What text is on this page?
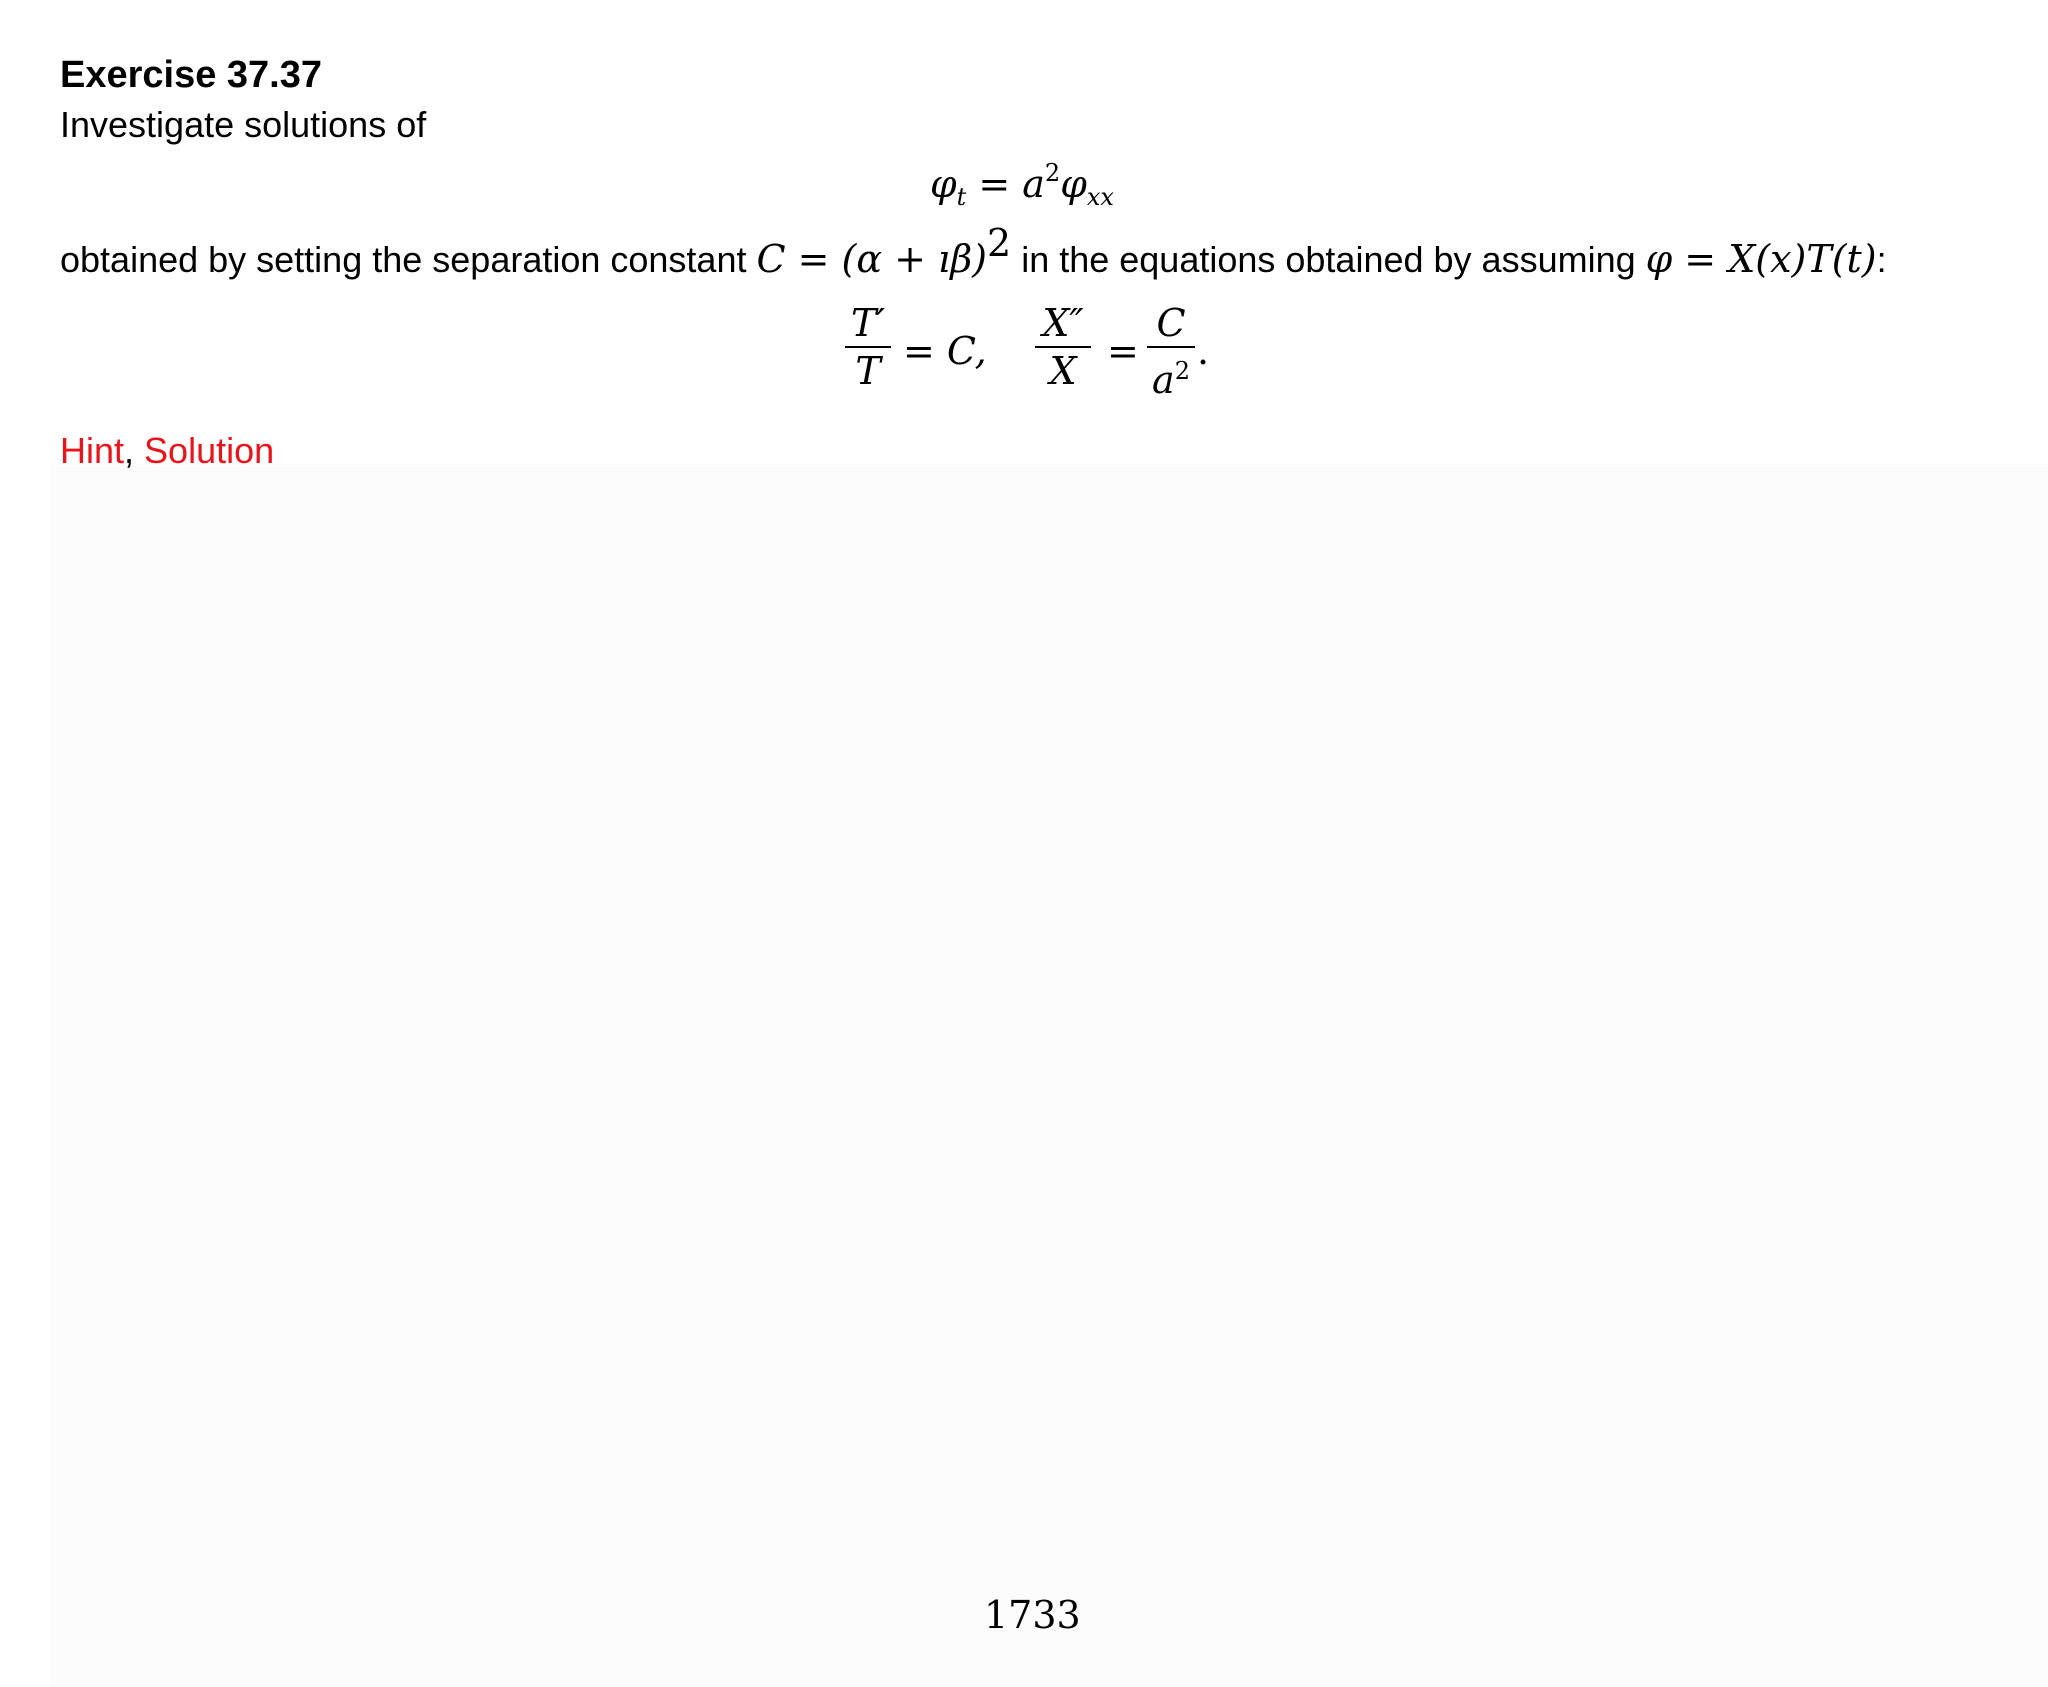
Exercise 37.37
Investigate solutions of
$\varphi_t = a^2\varphi_{xx}$
obtained by setting the separation constant C = (α + ıβ)$^2$ in the equations obtained by assuming φ = X(x)T(t):
T′
T = C,
X″
X =
C
$a^2$ .
Hint, Solution
1733
